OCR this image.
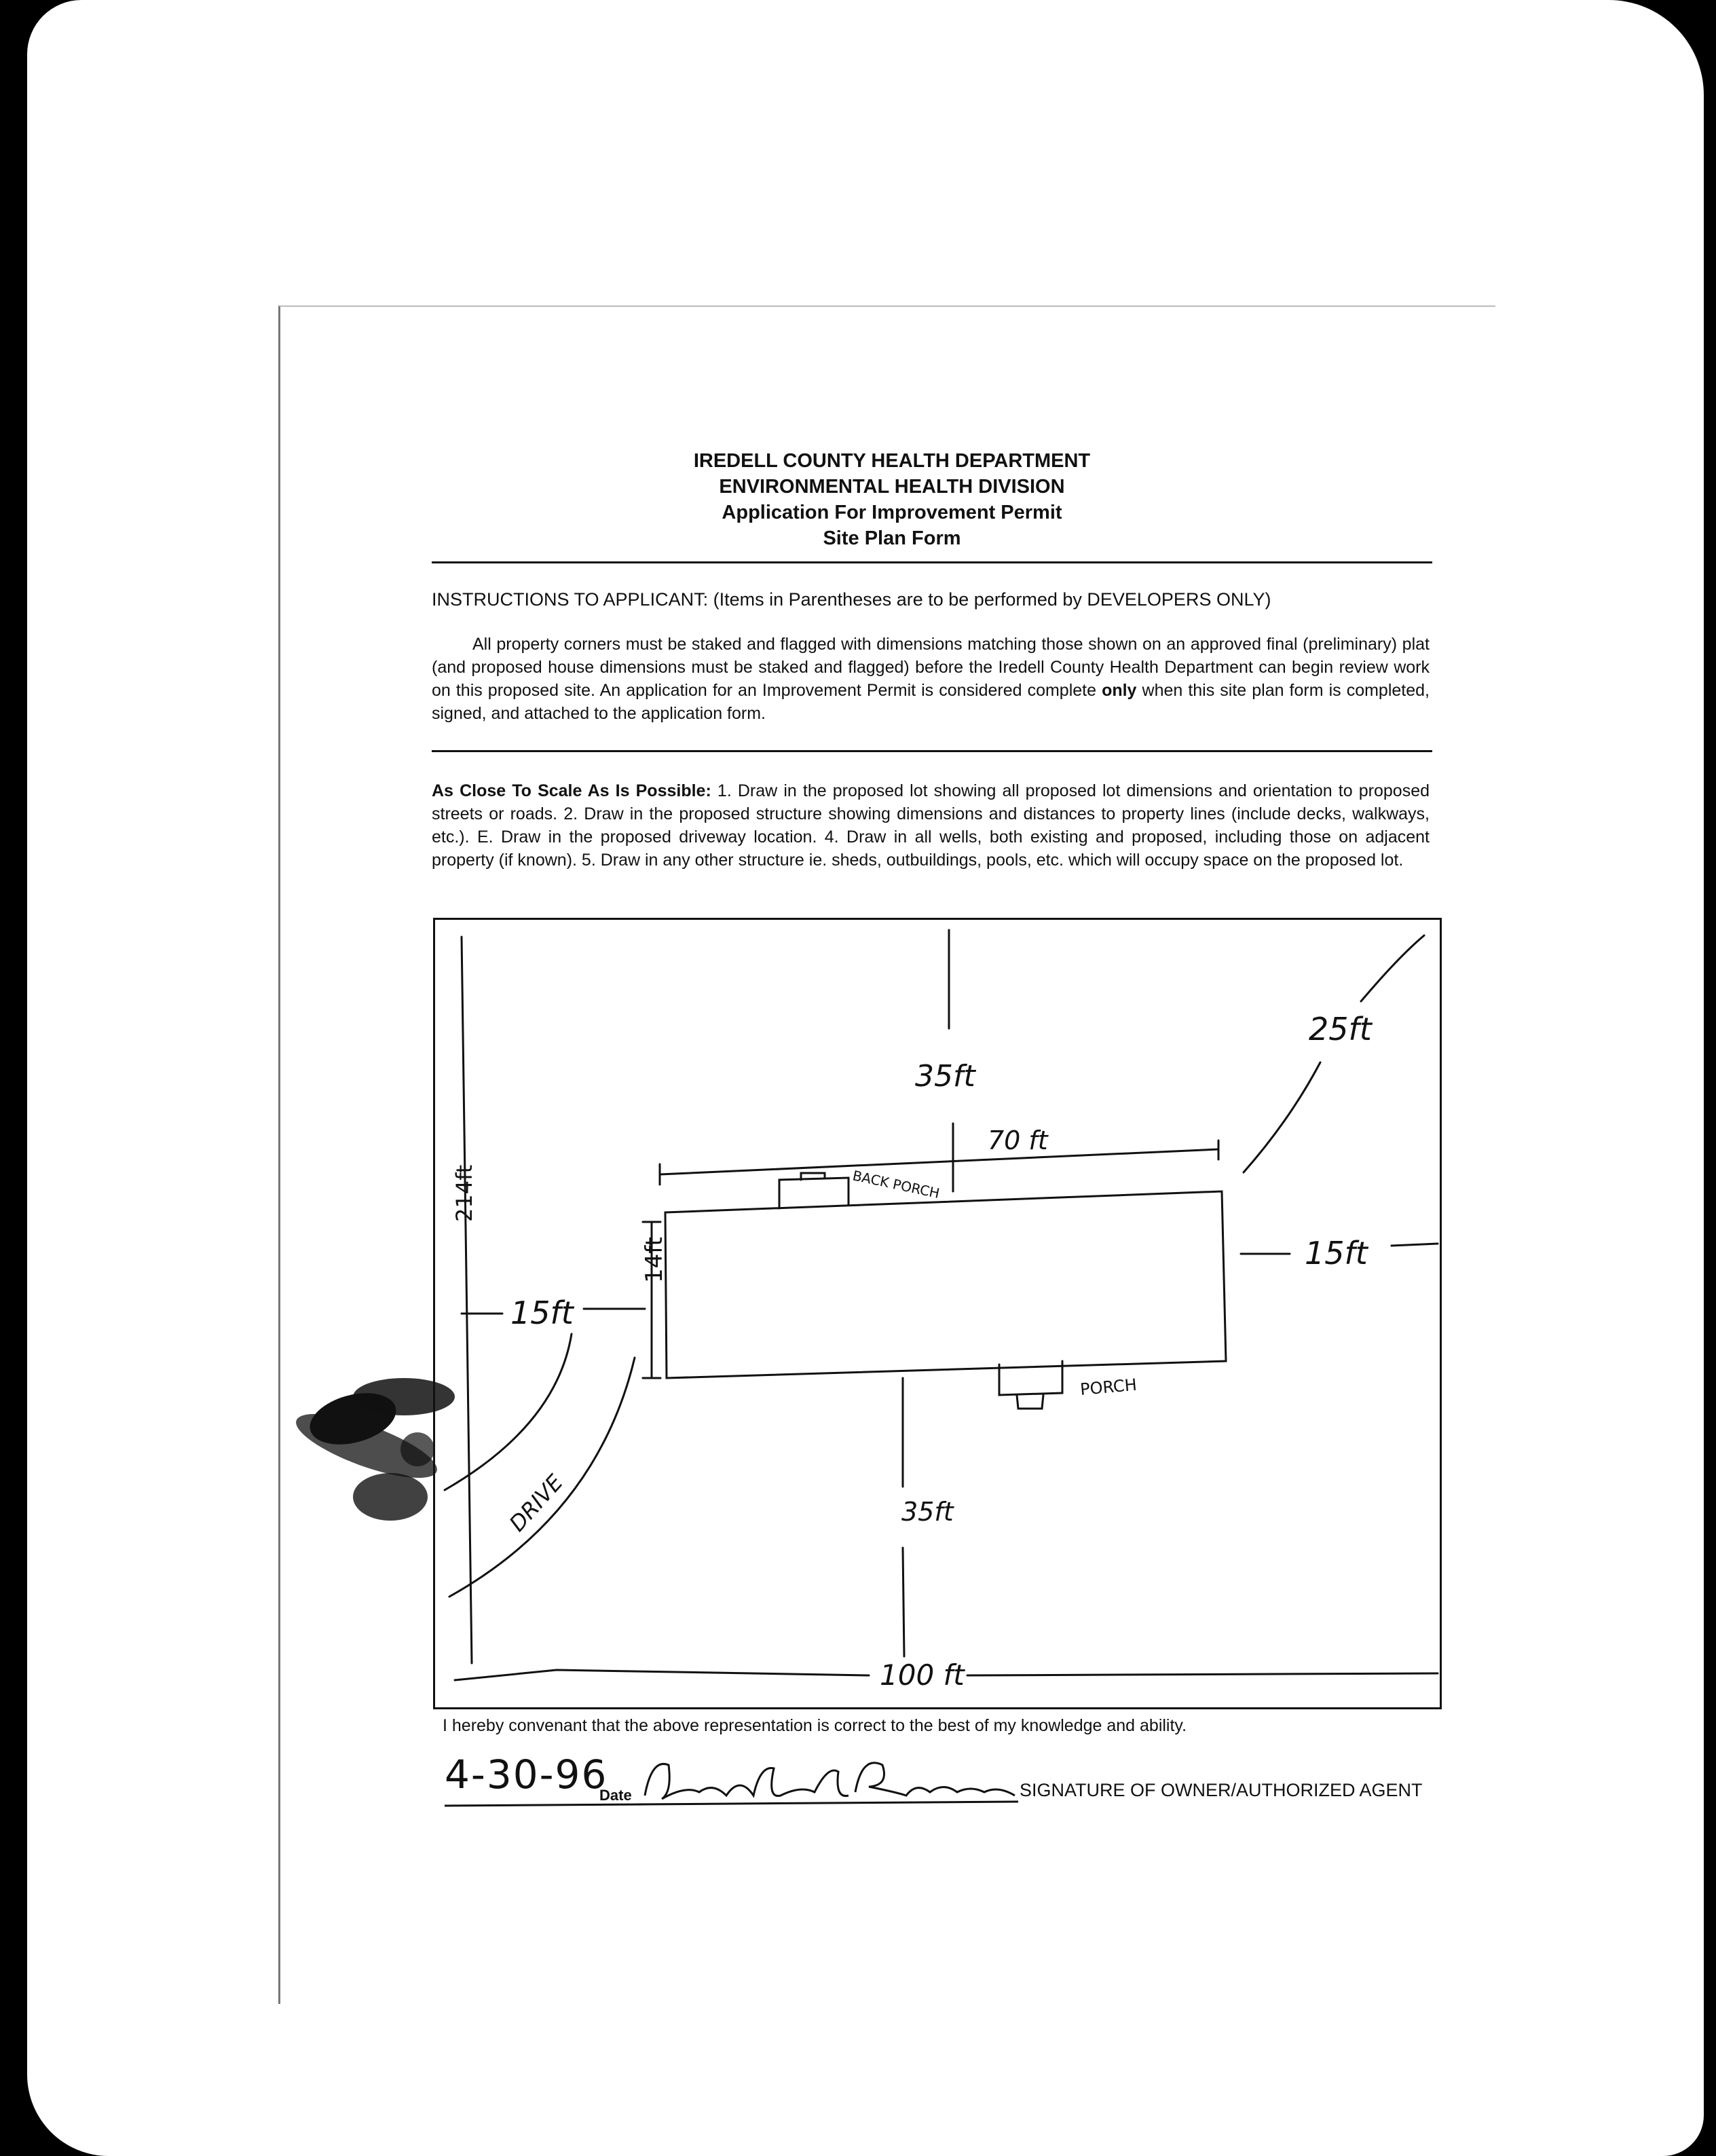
IREDELL COUNTY HEALTH DEPARTMENT
ENVIRONMENTAL HEALTH DIVISION
Application For Improvement Permit
Site Plan Form
INSTRUCTIONS TO APPLICANT: (Items in Parentheses are to be performed by DEVELOPERS ONLY)
All property corners must be staked and flagged with dimensions matching those shown on an approved final (preliminary) plat (and proposed house dimensions must be staked and flagged) before the Iredell County Health Department can begin review work on this proposed site. An application for an Improvement Permit is considered complete only when this site plan form is completed, signed, and attached to the application form.
As Close To Scale As Is Possible: 1. Draw in the proposed lot showing all proposed lot dimensions and orientation to proposed streets or roads. 2. Draw in the proposed structure showing dimensions and distances to property lines (include decks, walkways, etc.). E. Draw in the proposed driveway location. 4. Draw in all wells, both existing and proposed, including those on adjacent property (if known). 5. Draw in any other structure ie. sheds, outbuildings, pools, etc. which will occupy space on the proposed lot.
35ft
70 ft
25ft
15ft
15ft
14ft
214ft	BACK PORCH
PORCH
DRIVE	35ft
100 ft
I hereby convenant that the above representation is correct to the best of my knowledge and ability.
4-30-96
Date	SIGNATURE OF OWNER/AUTHORIZED AGENT
